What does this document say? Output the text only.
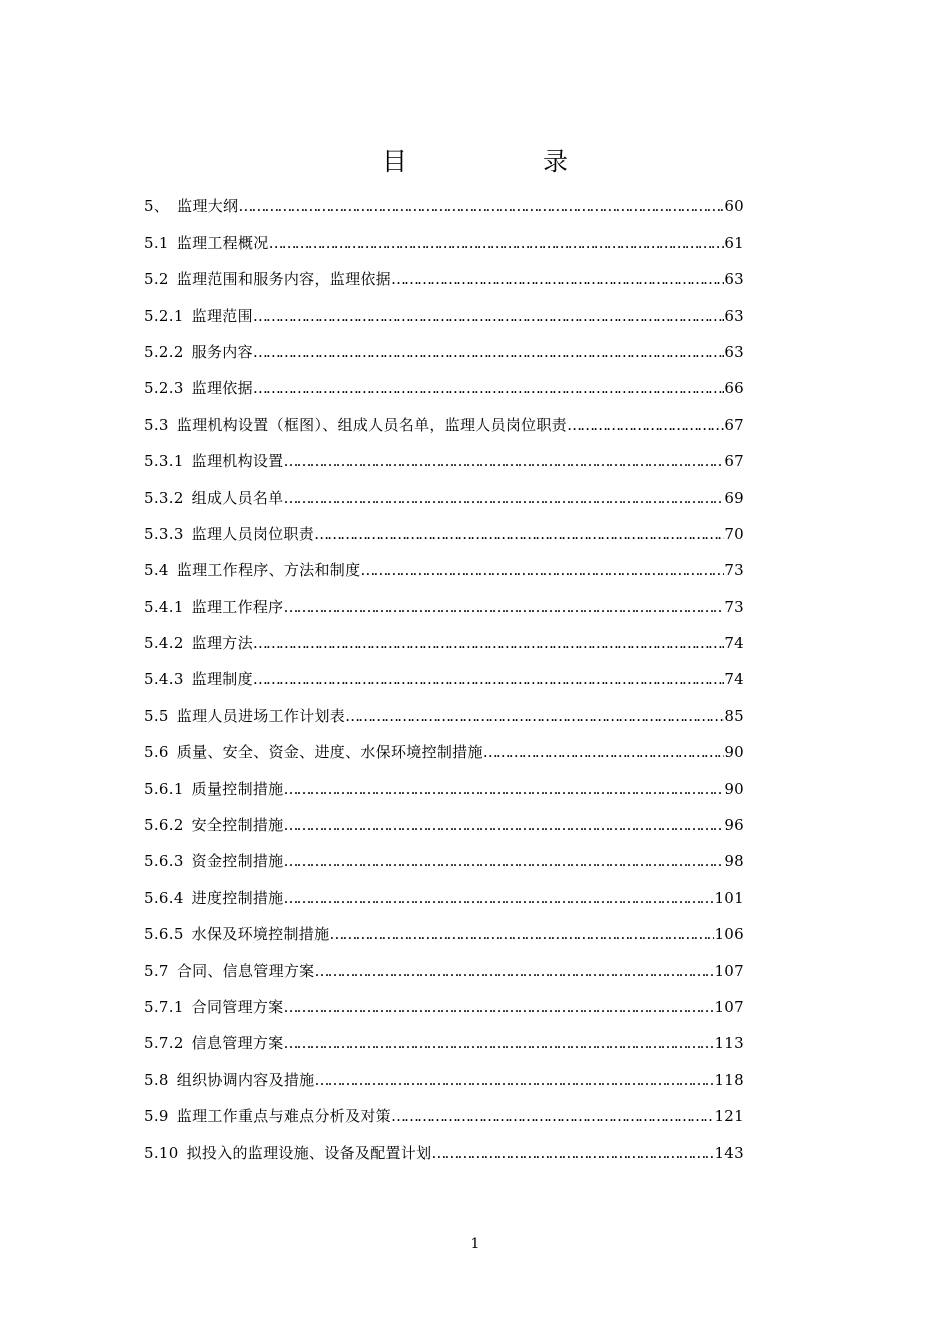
目	录
5、 监理大纲 ……………………………………………………………………………………………………………………………………………………	60
5.1 监理工程概况 ……………………………………………………………………………………………………………………………………………………	61
5.2 监理范围和服务内容，监理依据 ……………………………………………………………………………………………………………………………………………………	63
5.2.1 监理范围 ……………………………………………………………………………………………………………………………………………………	63
5.2.2 服务内容 ……………………………………………………………………………………………………………………………………………………	63
5.2.3 监理依据 ……………………………………………………………………………………………………………………………………………………	66
5.3 监理机构设置（框图）、组成人员名单，监理人员岗位职责 ……………………………………………………………………………………………………………………………………………………	67
5.3.1 监理机构设置 ……………………………………………………………………………………………………………………………………………………	67
5.3.2 组成人员名单 ……………………………………………………………………………………………………………………………………………………	69
5.3.3 监理人员岗位职责 ……………………………………………………………………………………………………………………………………………………	70
5.4 监理工作程序、方法和制度 ……………………………………………………………………………………………………………………………………………………	73
5.4.1 监理工作程序 ……………………………………………………………………………………………………………………………………………………	73
5.4.2 监理方法 ……………………………………………………………………………………………………………………………………………………	74
5.4.3 监理制度 ……………………………………………………………………………………………………………………………………………………	74
5.5 监理人员进场工作计划表 ……………………………………………………………………………………………………………………………………………………	85
5.6 质量、安全、资金、进度、水保环境控制措施 ……………………………………………………………………………………………………………………………………………………	90
5.6.1 质量控制措施 ……………………………………………………………………………………………………………………………………………………	90
5.6.2 安全控制措施 ……………………………………………………………………………………………………………………………………………………	96
5.6.3 资金控制措施 ……………………………………………………………………………………………………………………………………………………	98
5.6.4 进度控制措施 ……………………………………………………………………………………………………………………………………………………	101
5.6.5 水保及环境控制措施 ……………………………………………………………………………………………………………………………………………………	106
5.7 合同、信息管理方案 ……………………………………………………………………………………………………………………………………………………	107
5.7.1 合同管理方案 ……………………………………………………………………………………………………………………………………………………	107
5.7.2 信息管理方案 ……………………………………………………………………………………………………………………………………………………	113
5.8 组织协调内容及措施 ……………………………………………………………………………………………………………………………………………………	118
5.9 监理工作重点与难点分析及对策 ……………………………………………………………………………………………………………………………………………………	121
5.10 拟投入的监理设施、设备及配置计划 ……………………………………………………………………………………………………………………………………………………	143
1
